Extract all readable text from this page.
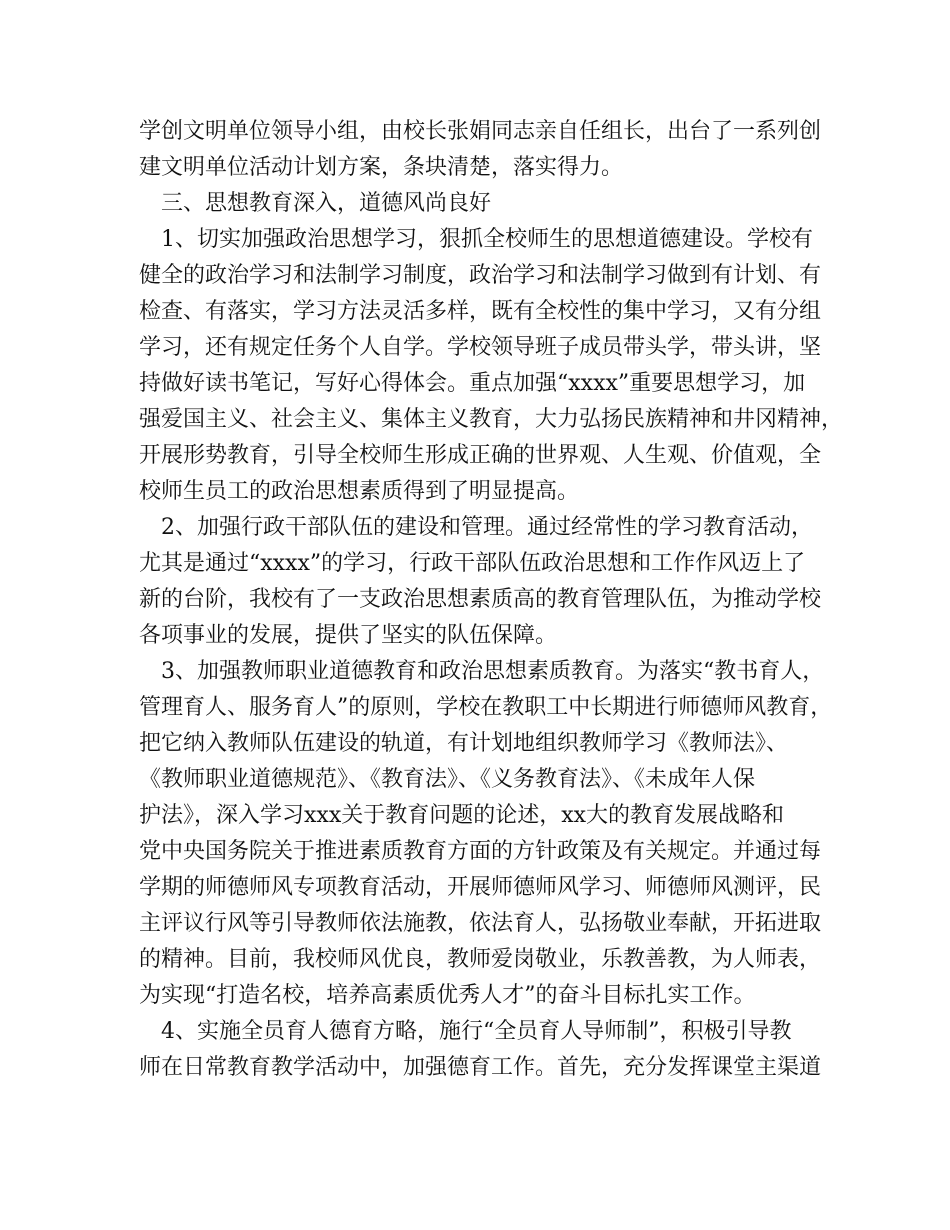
学创文明单位领导小组，由校长张娟同志亲自任组长，出台了一系列创
建文明单位活动计划方案，条块清楚，落实得力。
　三、思想教育深入，道德风尚良好
　1、切实加强政治思想学习，狠抓全校师生的思想道德建设。学校有
健全的政治学习和法制学习制度，政治学习和法制学习做到有计划、有
检查、有落实，学习方法灵活多样，既有全校性的集中学习，又有分组
学习，还有规定任务个人自学。学校领导班子成员带头学，带头讲，坚
持做好读书笔记，写好心得体会。重点加强“xxxx”重要思想学习，加
强爱国主义、社会主义、集体主义教育，大力弘扬民族精神和井冈精神，
开展形势教育，引导全校师生形成正确的世界观、人生观、价值观，全
校师生员工的政治思想素质得到了明显提高。
　2、加强行政干部队伍的建设和管理。通过经常性的学习教育活动，
尤其是通过“xxxx”的学习，行政干部队伍政治思想和工作作风迈上了
新的台阶，我校有了一支政治思想素质高的教育管理队伍，为推动学校
各项事业的发展，提供了坚实的队伍保障。
　3、加强教师职业道德教育和政治思想素质教育。为落实“教书育人，
管理育人、服务育人”的原则，学校在教职工中长期进行师德师风教育，
把它纳入教师队伍建设的轨道，有计划地组织教师学习《教师法》、
《教师职业道德规范》、《教育法》、《义务教育法》、《未成年人保
护法》，深入学习xxx关于教育问题的论述，xx大的教育发展战略和
党中央国务院关于推进素质教育方面的方针政策及有关规定。并通过每
学期的师德师风专项教育活动，开展师德师风学习、师德师风测评，民
主评议行风等引导教师依法施教，依法育人，弘扬敬业奉献，开拓进取
的精神。目前，我校师风优良，教师爱岗敬业，乐教善教，为人师表，
为实现“打造名校，培养高素质优秀人才”的奋斗目标扎实工作。
　4、实施全员育人德育方略，施行“全员育人导师制”，积极引导教
师在日常教育教学活动中，加强德育工作。首先，充分发挥课堂主渠道
